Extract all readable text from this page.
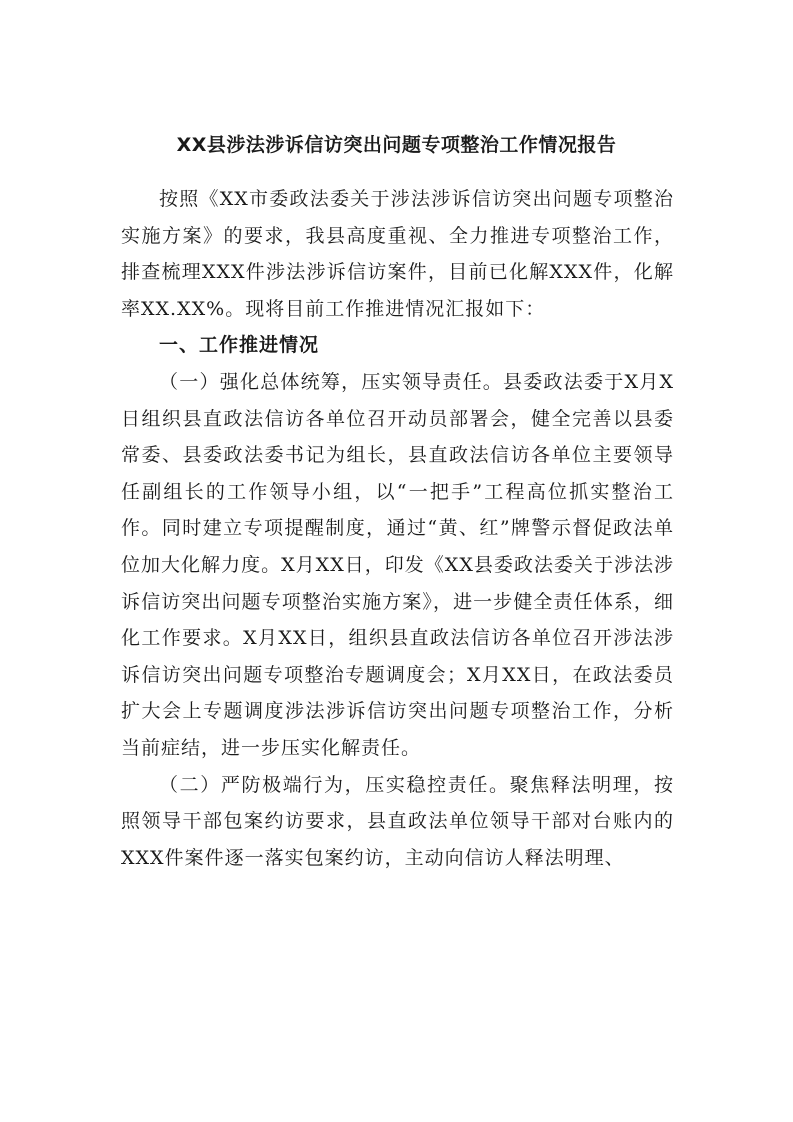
XX县涉法涉诉信访突出问题专项整治工作情况报告

按照《XX市委政法委关于涉法涉诉信访突出问题专项整治实施方案》的要求，我县高度重视、全力推进专项整治工作，排查梳理XXX件涉法涉诉信访案件，目前已化解XXX件，化解率XX.XX%。现将目前工作推进情况汇报如下：

一、工作推进情况

（一）强化总体统筹，压实领导责任。县委政法委于X月X日组织县直政法信访各单位召开动员部署会，健全完善以县委常委、县委政法委书记为组长，县直政法信访各单位主要领导任副组长的工作领导小组，以“一把手”工程高位抓实整治工作。同时建立专项提醒制度，通过“黄、红”牌警示督促政法单位加大化解力度。X月XX日，印发《XX县委政法委关于涉法涉诉信访突出问题专项整治实施方案》，进一步健全责任体系，细化工作要求。X月XX日，组织县直政法信访各单位召开涉法涉诉信访突出问题专项整治专题调度会；X月XX日，在政法委员扩大会上专题调度涉法涉诉信访突出问题专项整治工作，分析当前症结，进一步压实化解责任。

（二）严防极端行为，压实稳控责任。聚焦释法明理，按照领导干部包案约访要求，县直政法单位领导干部对台账内的XXX件案件逐一落实包案约访，主动向信访人释法明理、
